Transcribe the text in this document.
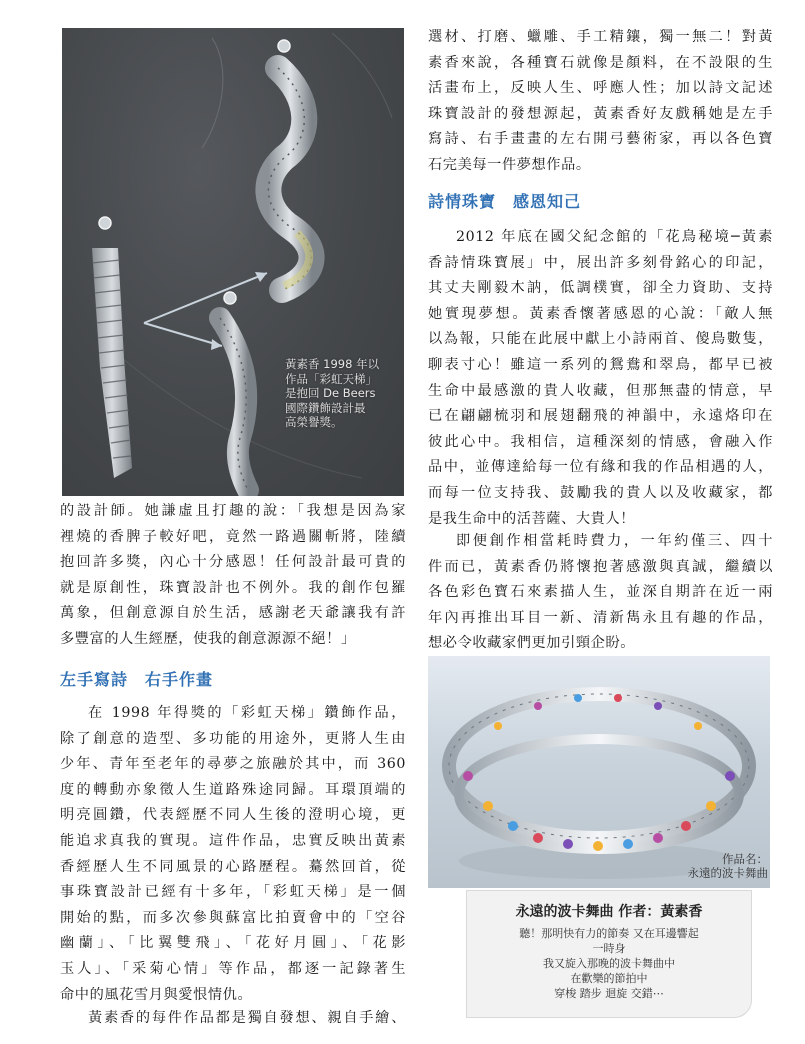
黃素香 1998 年以
作品「彩虹天梯」
是抱回 De Beers
國際鑽飾設計最
高榮譽獎。
的設計師。她謙虛且打趣的說：「我想是因為家
裡燒的香脾子較好吧，竟然一路過關斬將，陸續
抱回許多獎，內心十分感恩！任何設計最可貴的
就是原創性，珠寶設計也不例外。我的創作包羅
萬象，但創意源自於生活，感謝老天爺讓我有許
多豐富的人生經歷，使我的創意源源不絕！」
左手寫詩　右手作畫
在 1998 年得獎的「彩虹天梯」鑽飾作品，
除了創意的造型、多功能的用途外，更將人生由
少年、青年至老年的尋夢之旅融於其中，而 360
度的轉動亦象徵人生道路殊途同歸。耳環頂端的
明亮圓鑽，代表經歷不同人生後的澄明心境，更
能追求真我的實現。這件作品，忠實反映出黃素
香經歷人生不同風景的心路歷程。驀然回首，從
事珠寶設計已經有十多年，「彩虹天梯」是一個
開始的點，而多次參與蘇富比拍賣會中的「空谷
幽蘭」、「比翼雙飛」、「花好月圓」、「花影
玉人」、「采菊心情」等作品，都逐一記錄著生
命中的風花雪月與愛恨情仇。
黃素香的每件作品都是獨自發想、親自手繪、
選材、打磨、蠟雕、手工精鑲，獨一無二！對黃
素香來說，各種寶石就像是顏料，在不設限的生
活畫布上，反映人生、呼應人性；加以詩文記述
珠寶設計的發想源起，黃素香好友戲稱她是左手
寫詩、右手畫畫的左右開弓藝術家，再以各色寶
石完美每一件夢想作品。
詩情珠寶　感恩知己
2012 年底在國父紀念館的「花鳥秘境─黃素
香詩情珠寶展」中，展出許多刻骨銘心的印記，
其丈夫剛毅木訥，低調樸實，卻全力資助、支持
她實現夢想。黃素香懷著感恩的心說：「敵人無
以為報，只能在此展中獻上小詩兩首、傻鳥數隻，
聊表寸心！雖這一系列的鴛鴦和翠鳥，都早已被
生命中最感激的貴人收藏，但那無盡的情意，早
已在翩翩梳羽和展翅翻飛的神韻中，永遠烙印在
彼此心中。我相信，這種深刻的情感，會融入作
品中，並傳達給每一位有緣和我的作品相遇的人，
而每一位支持我、鼓勵我的貴人以及收藏家，都
是我生命中的活菩薩、大貴人！
即便創作相當耗時費力，一年約僅三、四十
件而已，黃素香仍將懷抱著感激與真誠，繼續以
各色彩色寶石來素描人生，並深自期許在近一兩
年內再推出耳目一新、清新雋永且有趣的作品，
想必令收藏家們更加引頸企盼。
作品名：
永遠的波卡舞曲
永遠的波卡舞曲 作者：黃素香
聽！那明快有力的節奏 又在耳邊響起
一時身
我又旋入那晚的波卡舞曲中
在歡樂的節拍中
穿梭 踏步 迴旋 交錯⋯
